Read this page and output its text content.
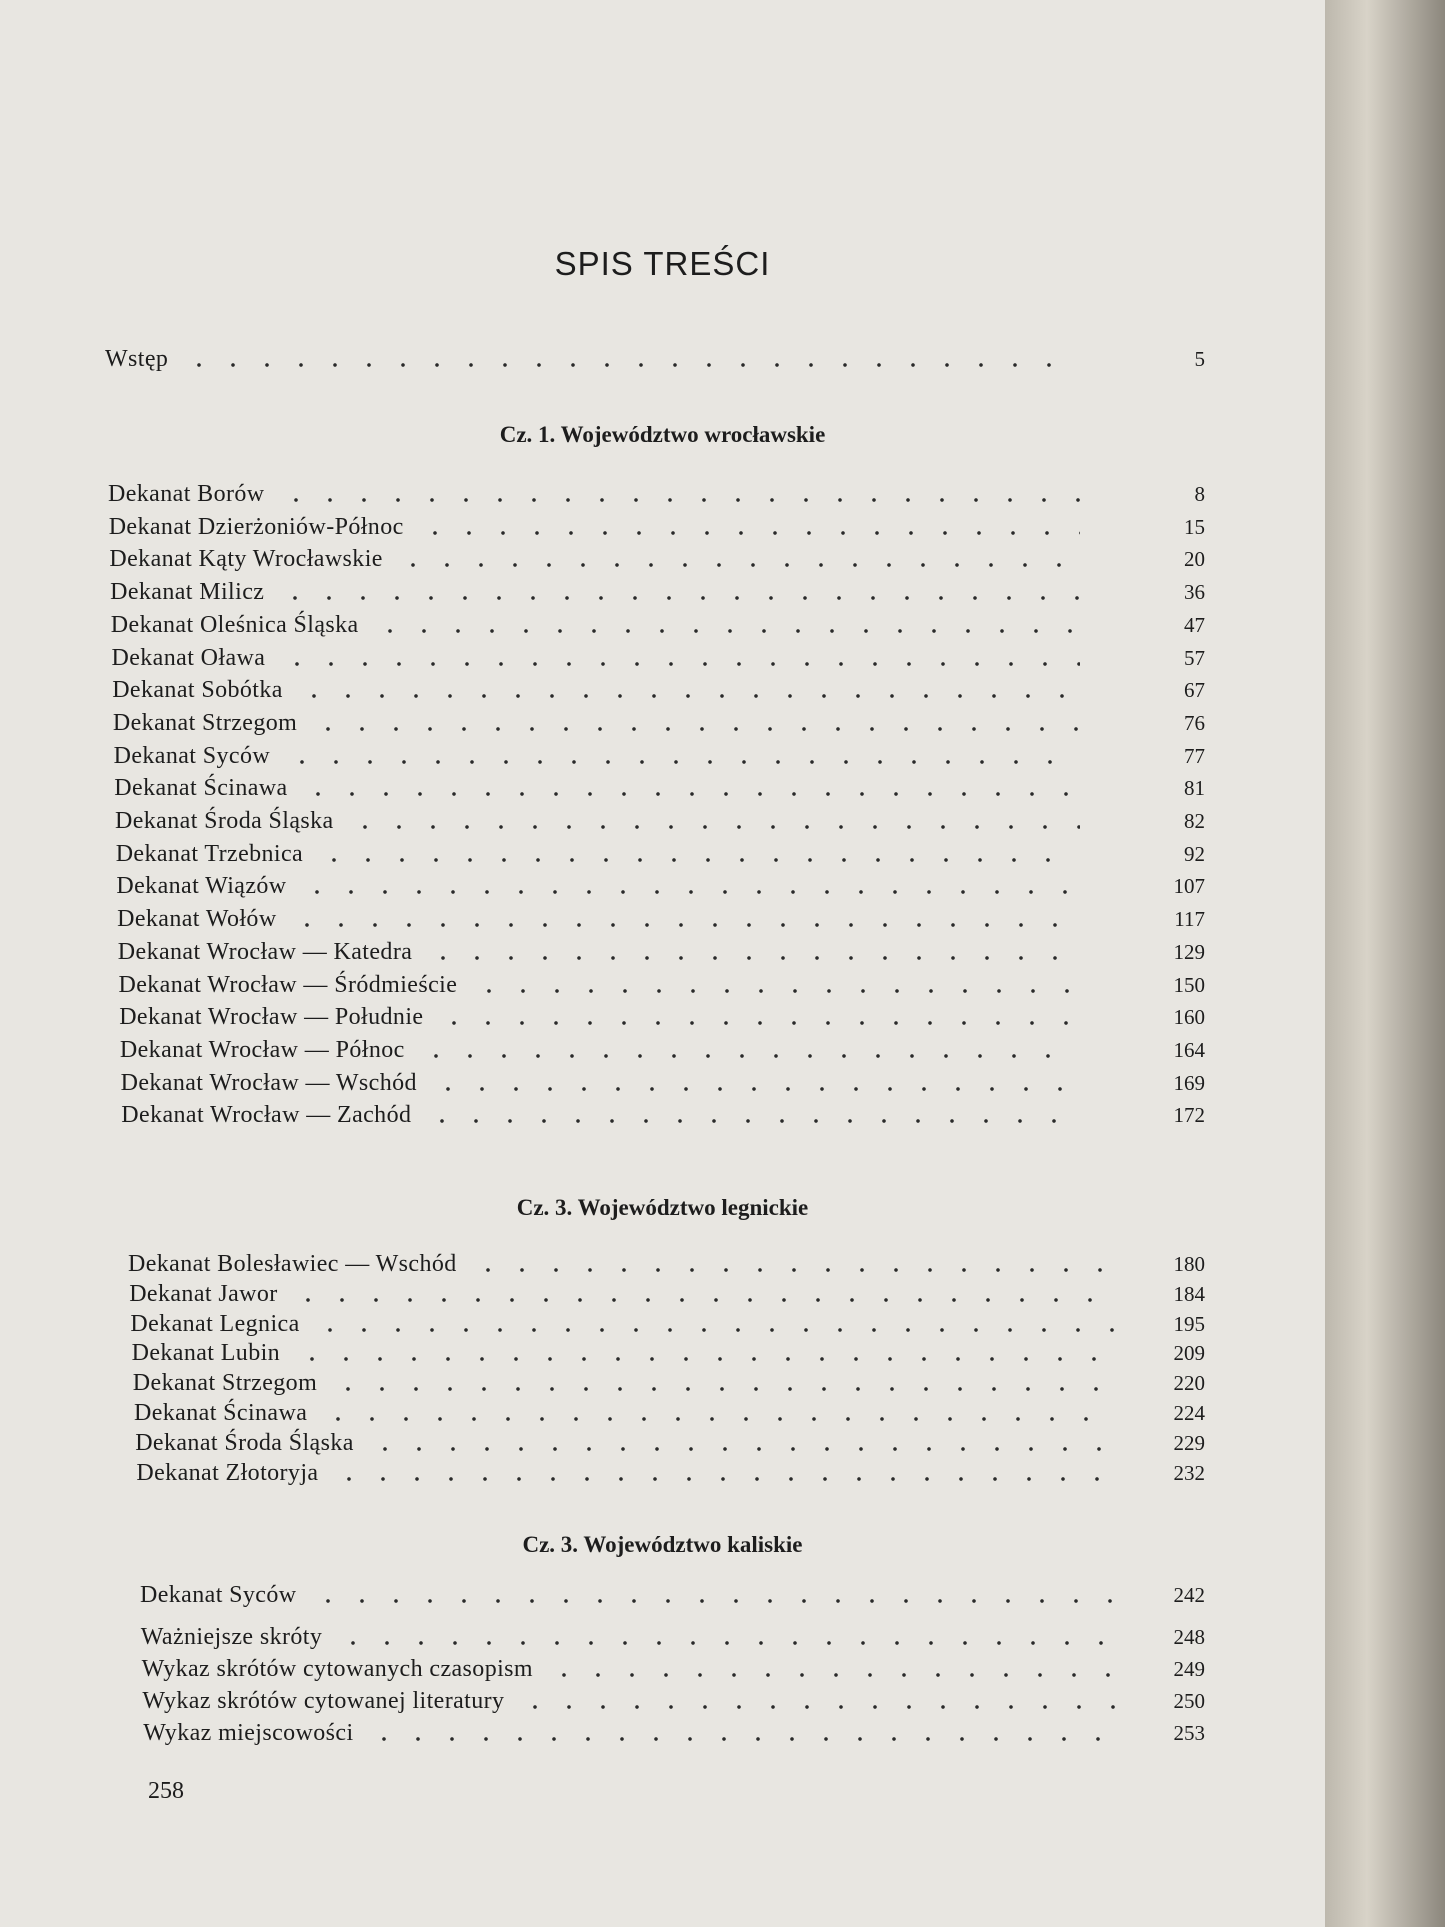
SPIS TREŚCI
Wstęp	5
Cz. 1. Województwo wrocławskie
Dekanat Borów	8
Dekanat Dzierżoniów-Północ	15
Dekanat Kąty Wrocławskie	20
Dekanat Milicz	36
Dekanat Oleśnica Śląska	47
Dekanat Oława	57
Dekanat Sobótka	67
Dekanat Strzegom	76
Dekanat Syców	77
Dekanat Ścinawa	81
Dekanat Środa Śląska	82
Dekanat Trzebnica	92
Dekanat Wiązów	107
Dekanat Wołów	117
Dekanat Wrocław — Katedra	129
Dekanat Wrocław — Śródmieście	150
Dekanat Wrocław — Południe	160
Dekanat Wrocław — Północ	164
Dekanat Wrocław — Wschód	169
Dekanat Wrocław — Zachód	172
Cz. 3. Województwo legnickie
Dekanat Bolesławiec — Wschód	180
Dekanat Jawor	184
Dekanat Legnica	195
Dekanat Lubin	209
Dekanat Strzegom	220
Dekanat Ścinawa	224
Dekanat Środa Śląska	229
Dekanat Złotoryja	232
Cz. 3. Województwo kaliskie
Dekanat Syców	242
Ważniejsze skróty	248
Wykaz skrótów cytowanych czasopism	249
Wykaz skrótów cytowanej literatury	250
Wykaz miejscowości	253
258
